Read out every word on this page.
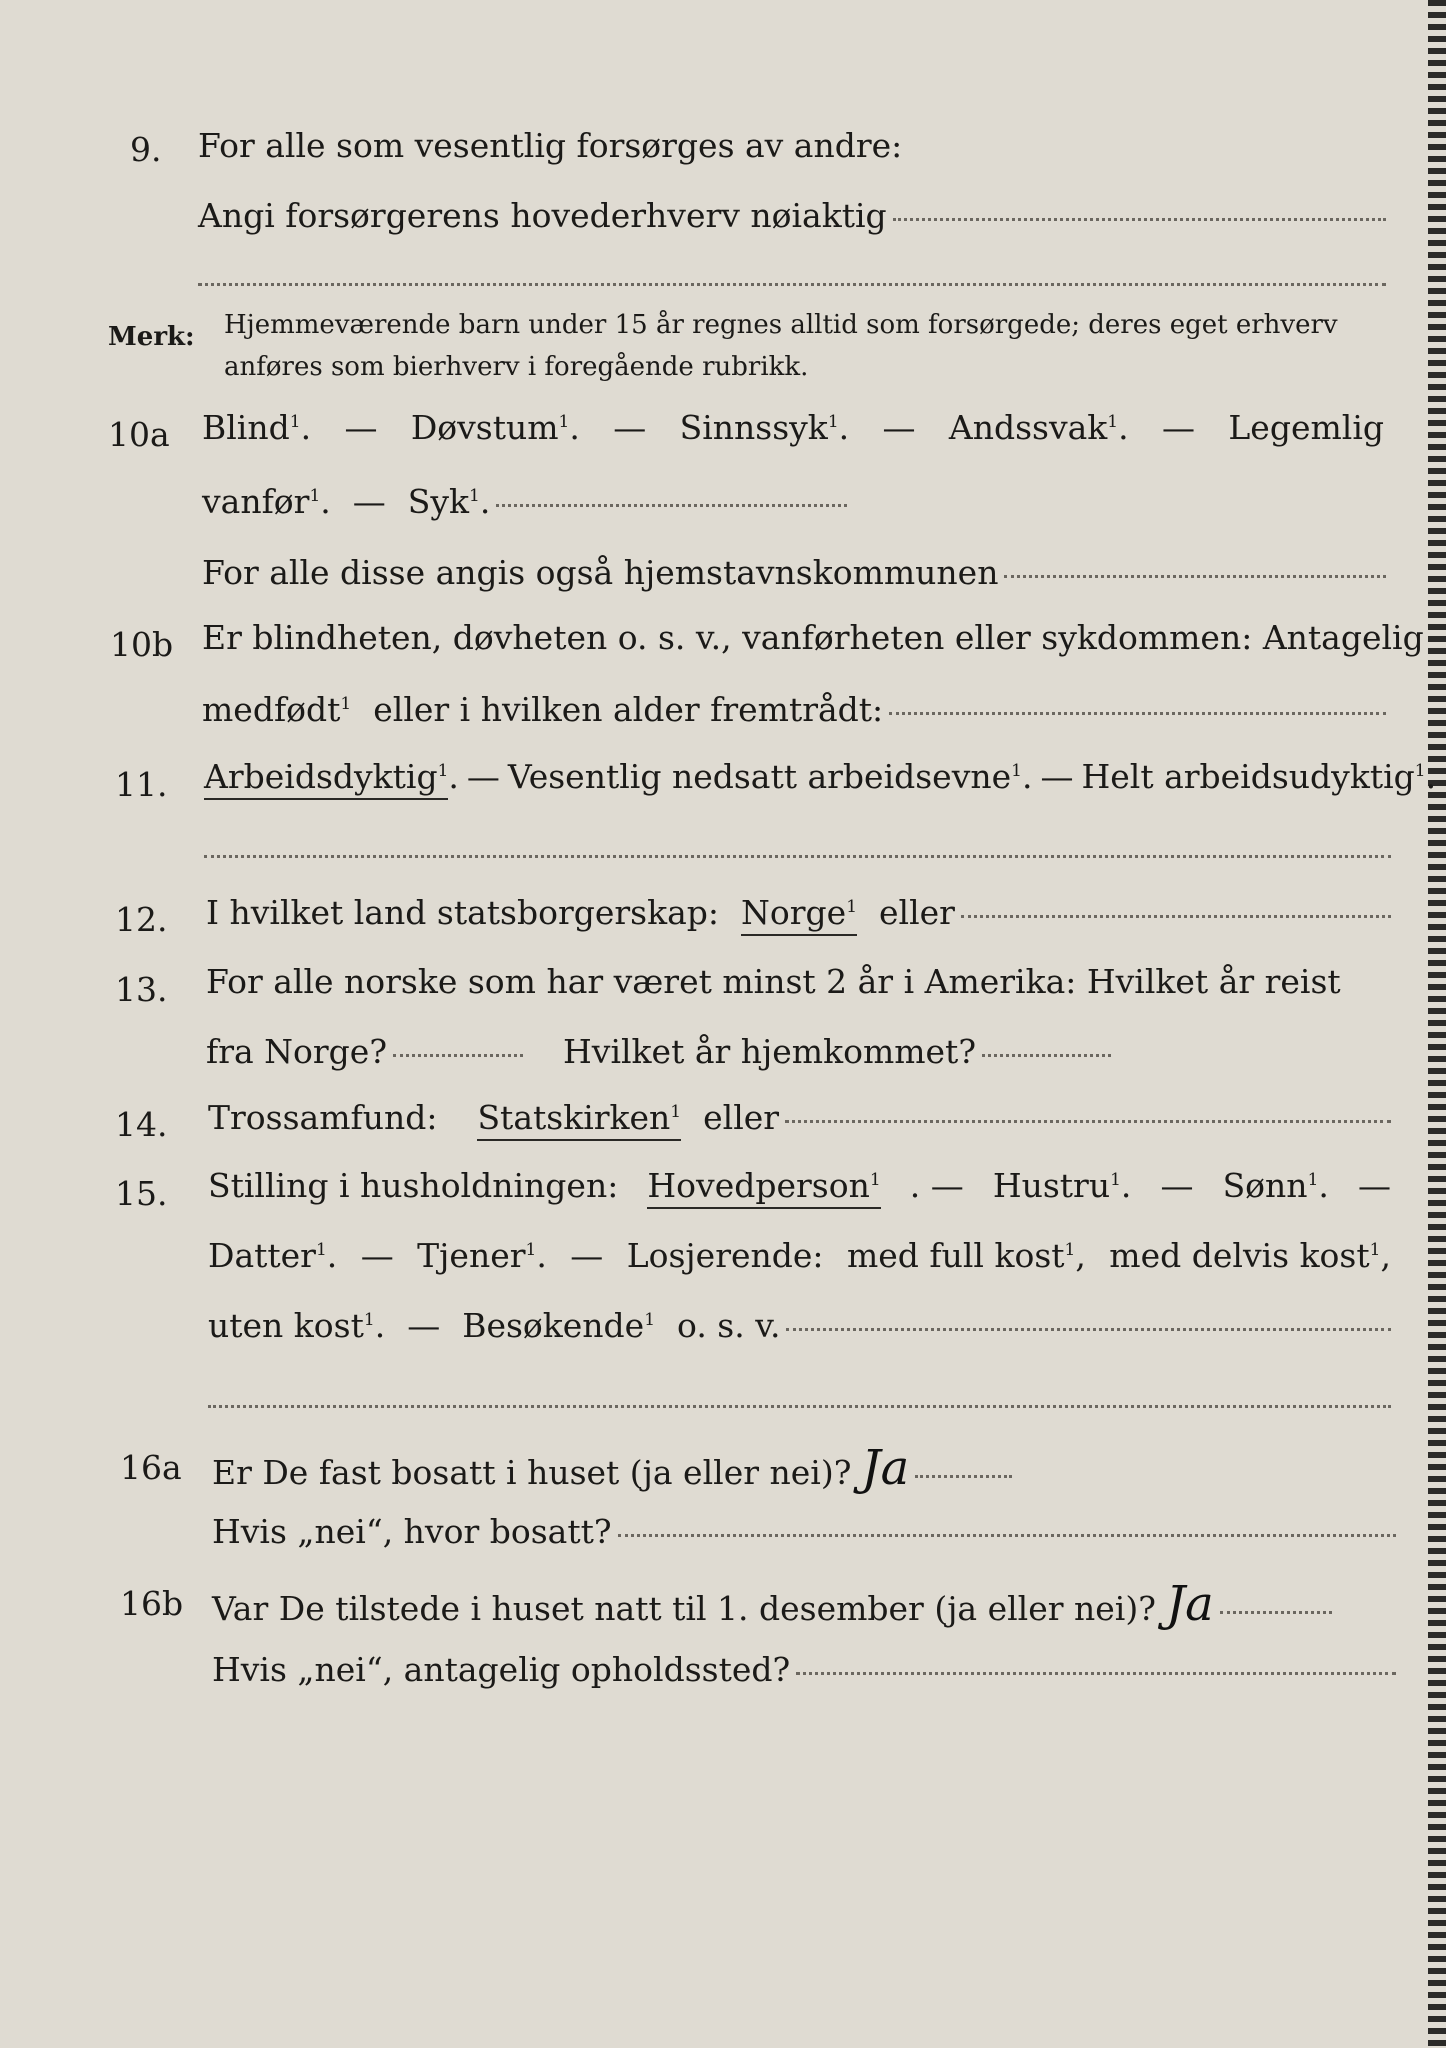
9. For alle som vesentlig forsørges av andre:
Angi forsørgerens hovederhverv nøiaktig
Merk: Hjemmeværende barn under 15 år regnes alltid som forsørgede; deres eget erhverv
anføres som bierhverv i foregående rubrikk.
10a Blind$^1$. — Døvstum$^1$. — Sinnssyk$^1$. — Andssvak$^1$. — Legemlig
vanfør$^1$. — Syk$^1$.
For alle disse angis også hjemstavnskommunen
10b Er blindheten, døvheten o. s. v., vanførheten eller sykdommen: Antagelig
medfødt$^1$ eller i hvilken alder fremtrådt:
11. Arbeidsdyktig$^1$ . — Vesentlig nedsatt arbeidsevne$^1$. — Helt arbeidsudyktig$^1$.
12. I hvilket land statsborgerskap: Norge$^1$ eller
13. For alle norske som har været minst 2 år i Amerika: Hvilket år reist
fra Norge?	Hvilket år hjemkommet?
14. Trossamfund: Statskirken$^1$ eller
15. Stilling i husholdningen: Hovedperson$^1$ . — Hustru$^1$. — Sønn$^1$. —
Datter$^1$. — Tjener$^1$. — Losjerende: med full kost$^1$, med delvis kost$^1$,
uten kost$^1$. — Besøkende$^1$ o. s. v.
16a Er De fast bosatt i huset (ja eller nei)? Ja
Hvis „nei“, hvor bosatt?
16b Var De tilstede i huset natt til 1. desember (ja eller nei)? Ja
Hvis „nei“, antagelig opholdssted?
